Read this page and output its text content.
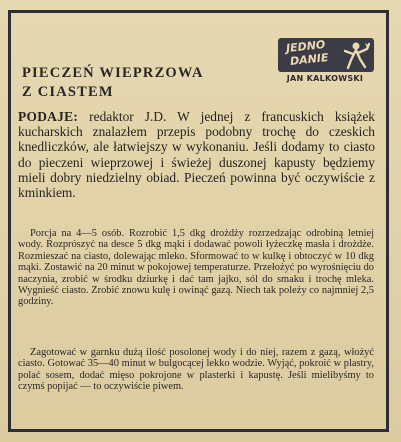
JEDNO
DANIE
JAN KALKOWSKI
PIECZEŃ WIEPRZOWA
Z CIASTEM

PODAJE: redaktor J.D. W jednej z francuskich książek kucharskich znalazłem przepis podobny trochę do czeskich knedliczków, ale łatwiejszy w wykonaniu. Jeśli dodamy to ciasto do pieczeni wieprzowej i świeżej duszonej kapusty będziemy mieli dobry niedzielny obiad. Pieczeń powinna być oczywiście z kminkiem.

Porcja na 4—5 osób. Rozrobić 1,5 dkg drożdży rozrzedzając odrobiną letniej wody. Rozprószyć na desce 5 dkg mąki i dodawać powoli łyżeczkę masła i drożdże. Rozmieszać na ciasto, dolewając mleko. Sformować to w kulkę i obtoczyć w 10 dkg mąki. Zostawić na 20 minut w pokojowej temperaturze. Przełożyć po wyrośnięciu do naczynia, zrobić w środku dziurkę i dać tam jajko, sól do smaku i trochę mleka. Wygnieść ciasto. Zrobić znowu kulę i owinąć gazą. Niech tak poleży co najmniej 2,5 godziny.

Zagotować w garnku dużą ilość posolonej wody i do niej, razem z gazą, włożyć ciasto. Gotować 35—40 minut w bulgocącej lekko wodzie. Wyjąć, pokroić w plastry, polać sosem, dodać mięso pokrojone w plasterki i kapustę. Jeśli mielibyśmy to czymś popijać — to oczywiście piwem.
